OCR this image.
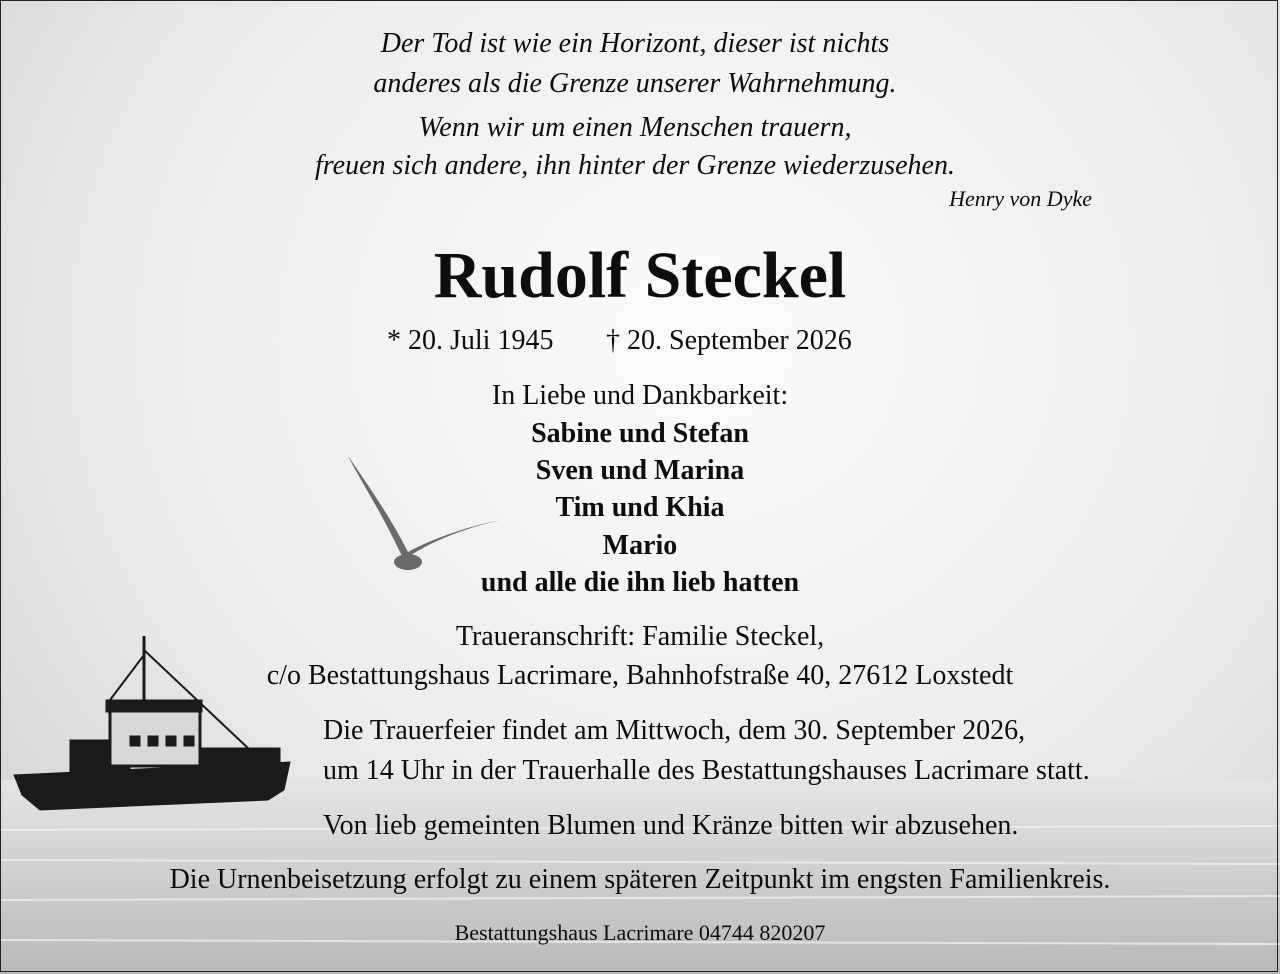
Der Tod ist wie ein Horizont, dieser ist nichts
anderes als die Grenze unserer Wahrnehmung.
Wenn wir um einen Menschen trauern,
freuen sich andere, ihn hinter der Grenze wiederzusehen.
Henry von Dyke
Rudolf Steckel
* 20. Juli 1945 † 20. September 2026
In Liebe und Dankbarkeit:
Sabine und Stefan
Sven und Marina
Tim und Khia
Mario
und alle die ihn lieb hatten
Traueranschrift: Familie Steckel,
c/o Bestattungshaus Lacrimare, Bahnhofstraße 40, 27612 Loxstedt
Die Trauerfeier findet am Mittwoch, dem 30. September 2026,
um 14 Uhr in der Trauerhalle des Bestattungshauses Lacrimare statt.
Von lieb gemeinten Blumen und Kränze bitten wir abzusehen.
Die Urnenbeisetzung erfolgt zu einem späteren Zeitpunkt im engsten Familienkreis.
Bestattungshaus Lacrimare 04744 820207
